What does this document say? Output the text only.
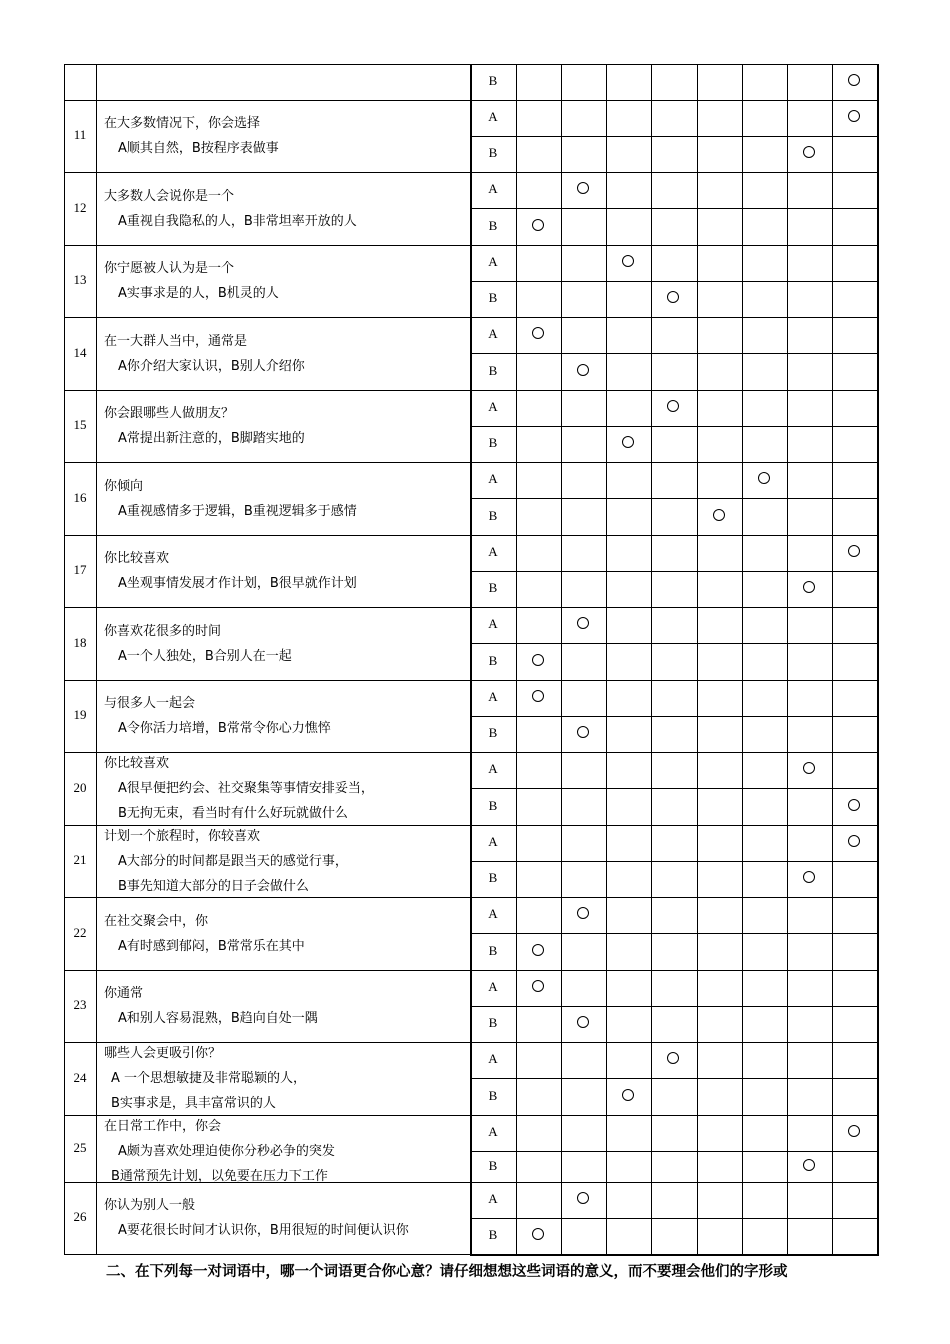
B
11
在大多数情况下，你会选择
A顺其自然，B按程序表做事
A
B
12
大多数人会说你是一个
A重视自我隐私的人，B非常坦率开放的人
A
B
13
你宁愿被人认为是一个
A实事求是的人，B机灵的人
A
B
14
在一大群人当中，通常是
A你介绍大家认识，B别人介绍你
A
B
15
你会跟哪些人做朋友？
A常提出新注意的，B脚踏实地的
A
B
16
你倾向
A重视感情多于逻辑，B重视逻辑多于感情
A
B
17
你比较喜欢
A坐观事情发展才作计划，B很早就作计划
A
B
18
你喜欢花很多的时间
A一个人独处，B合别人在一起
A
B
19
与很多人一起会
A令你活力培增，B常常令你心力憔悴
A
B
20
你比较喜欢
A很早便把约会、社交聚集等事情安排妥当，
B无拘无束，看当时有什么好玩就做什么
A
B
21
计划一个旅程时，你较喜欢
A大部分的时间都是跟当天的感觉行事，
B事先知道大部分的日子会做什么
A
B
22
在社交聚会中，你
A有时感到郁闷，B常常乐在其中
A
B
23
你通常
A和别人容易混熟，B趋向自处一隅
A
B
24
哪些人会更吸引你？
A 一个思想敏捷及非常聪颖的人，
B实事求是，具丰富常识的人
A
B
25
在日常工作中，你会
A颇为喜欢处理迫使你分秒必争的突发
B通常预先计划，以免要在压力下工作
A
B
26
你认为别人一般
A要花很长时间才认识你，B用很短的时间便认识你
A
B
二、在下列每一对词语中，哪一个词语更合你心意？请仔细想想这些词语的意义，而不要理会他们的字形或
